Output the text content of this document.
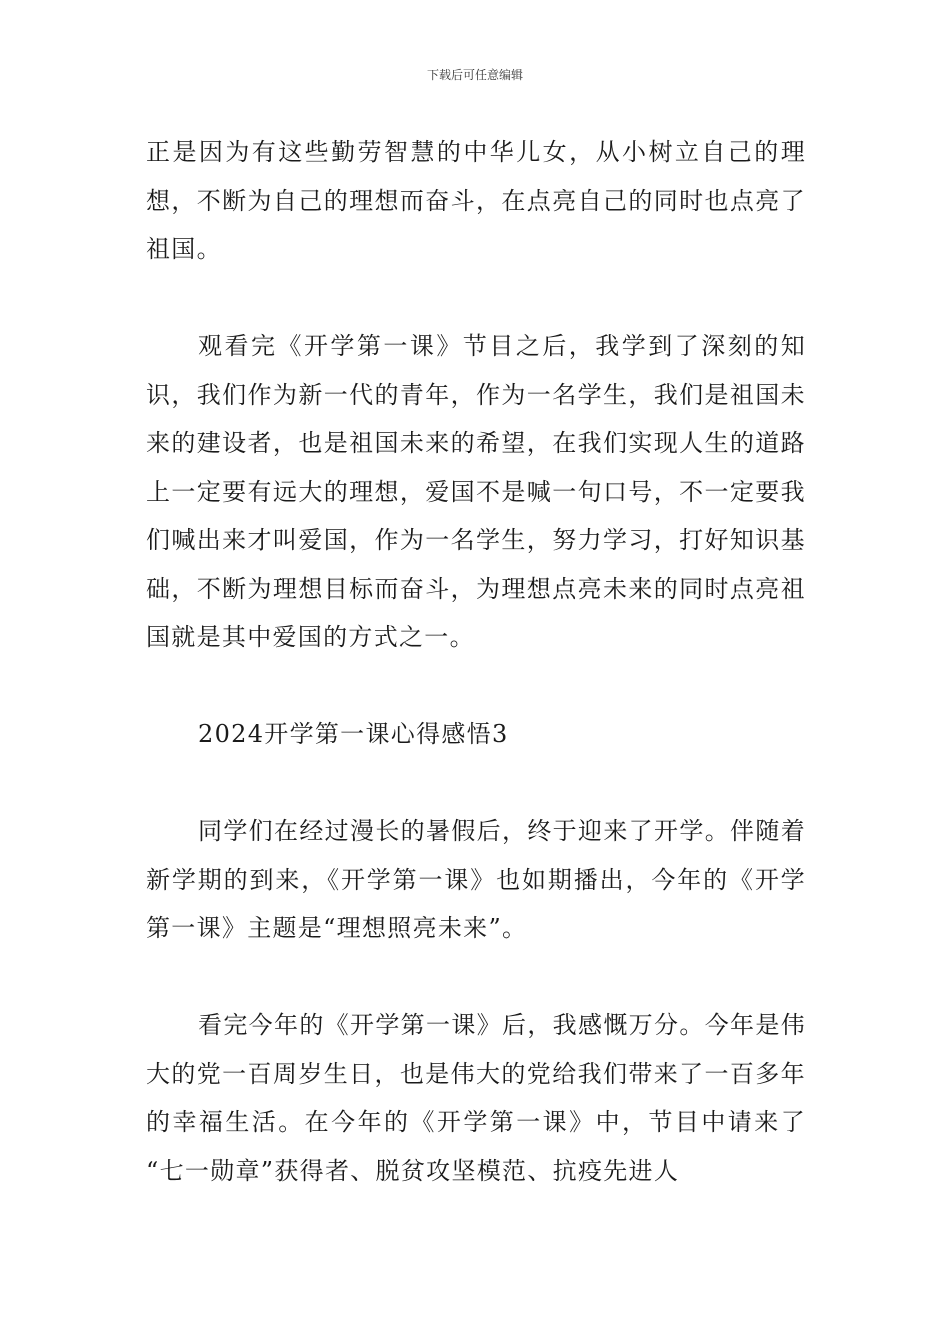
下载后可任意编辑

正是因为有这些勤劳智慧的中华儿女，从小树立自己的理想，不断为自己的理想而奋斗，在点亮自己的同时也点亮了祖国。

观看完《开学第一课》节目之后，我学到了深刻的知识，我们作为新一代的青年，作为一名学生，我们是祖国未来的建设者，也是祖国未来的希望，在我们实现人生的道路上一定要有远大的理想，爱国不是喊一句口号，不一定要我们喊出来才叫爱国，作为一名学生，努力学习，打好知识基础，不断为理想目标而奋斗，为理想点亮未来的同时点亮祖国就是其中爱国的方式之一。

2024开学第一课心得感悟3

同学们在经过漫长的暑假后，终于迎来了开学。伴随着新学期的到来，《开学第一课》也如期播出，今年的《开学第一课》主题是“理想照亮未来”。

看完今年的《开学第一课》后，我感慨万分。今年是伟大的党一百周岁生日，也是伟大的党给我们带来了一百多年的幸福生活。在今年的《开学第一课》中，节目中请来了 “七一勋章”获得者、脱贫攻坚模范、抗疫先进人
